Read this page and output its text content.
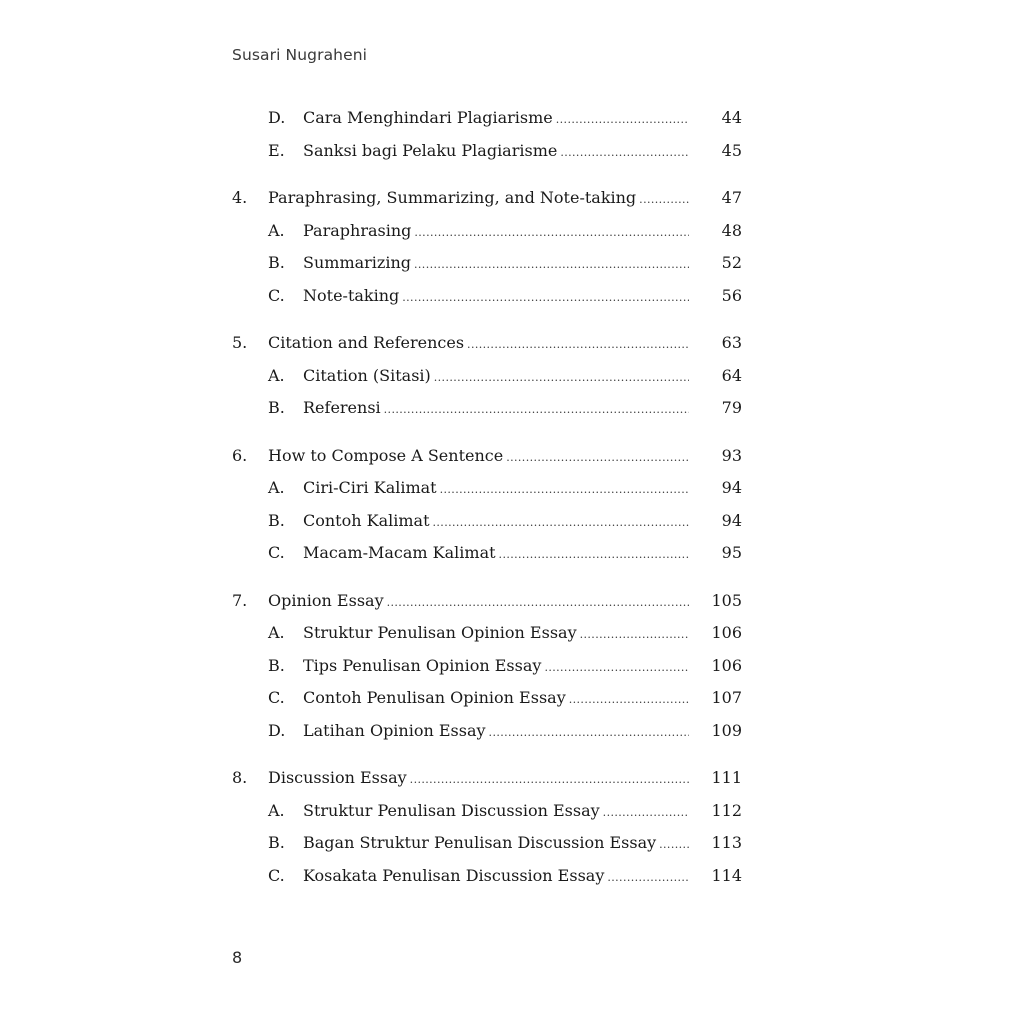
Susari Nugraheni
D. Cara Menghindari Plagiarisme .....	44
E. Sanksi bagi Pelaku Plagiarisme .....	45
4. Paraphrasing, Summarizing, and Note-taking .....	47
A. Paraphrasing .....	48
B. Summarizing .....	52
C. Note-taking .....	56
5. Citation and References .....	63
A. Citation (Sitasi) .....	64
B. Referensi .....	79
6. How to Compose A Sentence .....	93
A. Ciri-Ciri Kalimat .....	94
B. Contoh Kalimat .....	94
C. Macam-Macam Kalimat .....	95
7. Opinion Essay .....	105
A. Struktur Penulisan Opinion Essay .....	106
B. Tips Penulisan Opinion Essay .....	106
C. Contoh Penulisan Opinion Essay .....	107
D. Latihan Opinion Essay .....	109
8. Discussion Essay .....	111
A. Struktur Penulisan Discussion Essay .....	112
B. Bagan Struktur Penulisan Discussion Essay .....	113
C. Kosakata Penulisan Discussion Essay .....	114
8
